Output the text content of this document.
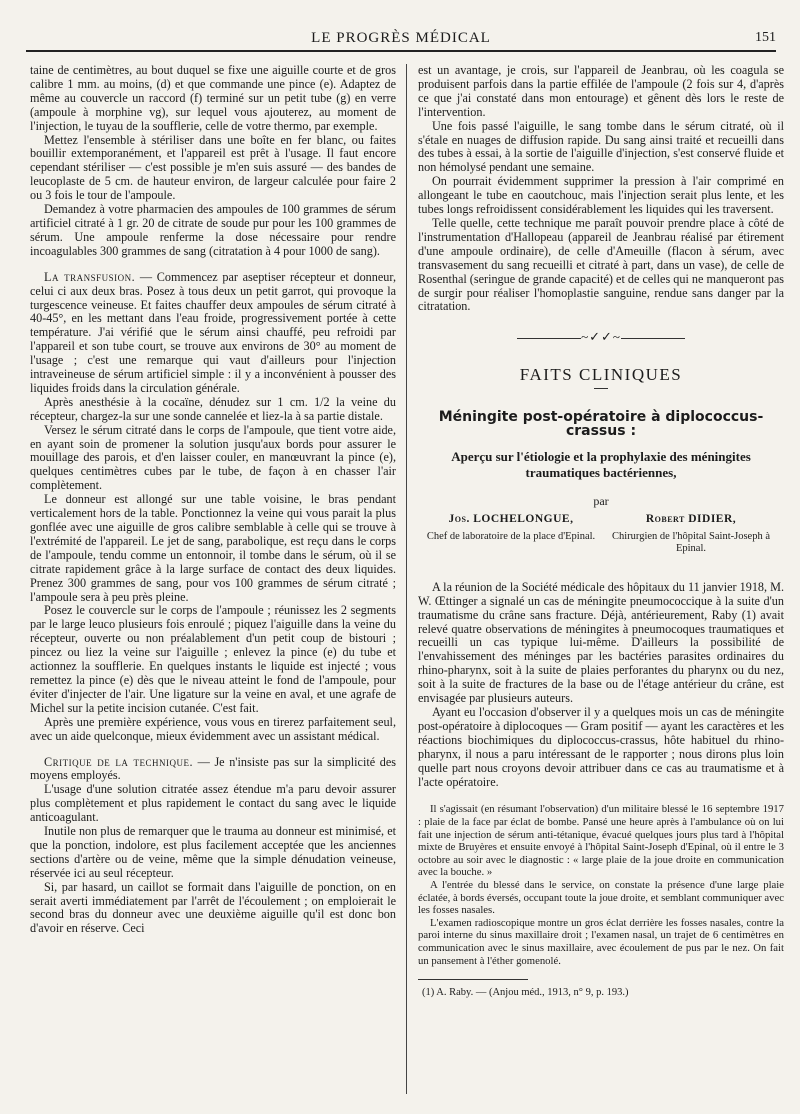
LE PROGRÈS MÉDICAL	151

taine de centimètres, au bout duquel se fixe une aiguille courte et de gros calibre 1 mm. au moins, (d) et que commande une pince (e). Adaptez de même au couvercle un raccord (f) terminé sur un petit tube (g) en verre (ampoule à morphine vg), sur lequel vous ajouterez, au moment de l'injection, le tuyau de la soufflerie, celle de votre thermo, par exemple.

Mettez l'ensemble à stériliser dans une boîte en fer blanc, ou faites bouillir extemporanément, et l'appareil est prêt à l'usage. Il faut encore cependant stériliser — c'est possible je m'en suis assuré — des bandes de leucoplaste de 5 cm. de hauteur environ, de largeur calculée pour faire 2 ou 3 fois le tour de l'ampoule.

Demandez à votre pharmacien des ampoules de 100 grammes de sérum artificiel citraté à 1 gr. 20 de citrate de soude pur pour les 100 grammes de sérum. Une ampoule renferme la dose nécessaire pour rendre incoagulables 300 grammes de sang (citratation à 4 pour 1000 de sang).

La transfusion. — Commencez par aseptiser récepteur et donneur, celui ci aux deux bras. Posez à tous deux un petit garrot, qui provoque la turgescence veineuse. Et faites chauffer deux ampoules de sérum citraté à 40-45°, en les mettant dans l'eau froide, progressivement portée à cette température. J'ai vérifié que le sérum ainsi chauffé, peu refroidi par l'appareil et son tube court, se trouve aux environs de 30° au moment de l'usage ; c'est une remarque qui vaut d'ailleurs pour l'injection intraveineuse de sérum artificiel simple : il y a inconvénient à pousser des liquides froids dans la circulation générale.

Après anesthésie à la cocaïne, dénudez sur 1 cm. 1/2 la veine du récepteur, chargez-la sur une sonde cannelée et liez-la à sa partie distale.

Versez le sérum citraté dans le corps de l'ampoule, que tient votre aide, en ayant soin de promener la solution jusqu'aux bords pour assurer le mouillage des parois, et d'en laisser couler, en manœuvrant la pince (e), quelques centimètres cubes par le tube, de façon à en chasser l'air complètement.

Le donneur est allongé sur une table voisine, le bras pendant verticalement hors de la table. Ponctionnez la veine qui vous parait la plus gonflée avec une aiguille de gros calibre semblable à celle qui se trouve à l'extrémité de l'appareil. Le jet de sang, parabolique, est reçu dans le corps de l'ampoule, tendu comme un entonnoir, il tombe dans le sérum, où il se citrate rapidement grâce à la large surface de contact des deux liquides. Prenez 300 grammes de sang, pour vos 100 grammes de sérum citraté ; l'ampoule sera à peu près pleine.

Posez le couvercle sur le corps de l'ampoule ; réunissez les 2 segments par le large leuco plusieurs fois enroulé ; piquez l'aiguille dans la veine du récepteur, ouverte ou non préalablement d'un petit coup de bistouri ; pincez ou liez la veine sur l'aiguille ; enlevez la pince (e) du tube et actionnez la soufflerie. En quelques instants le liquide est injecté ; vous remettez la pince (e) dès que le niveau atteint le fond de l'ampoule, pour éviter d'injecter de l'air. Une ligature sur la veine en aval, et une agrafe de Michel sur la petite incision cutanée. C'est fait.

Après une première expérience, vous vous en tirerez parfaitement seul, avec un aide quelconque, mieux évidemment avec un assistant médical.

Critique de la technique. — Je n'insiste pas sur la simplicité des moyens employés.

L'usage d'une solution citratée assez étendue m'a paru devoir assurer plus complètement et plus rapidement le contact du sang avec le liquide anticoagulant.

Inutile non plus de remarquer que le trauma au donneur est minimisé, et que la ponction, indolore, est plus facilement acceptée que les anciennes sections d'artère ou de veine, même que la simple dénudation veineuse, réservée ici au seul récepteur.

Si, par hasard, un caillot se formait dans l'aiguille de ponction, on en serait averti immédiatement par l'arrêt de l'écoulement ; on emploierait le second bras du donneur avec une deuxième aiguille qu'il est donc bon d'avoir en réserve. Ceci

est un avantage, je crois, sur l'appareil de Jeanbrau, où les coagula se produisent parfois dans la partie effilée de l'ampoule (2 fois sur 4, d'après ce que j'ai constaté dans mon entourage) et gênent dès lors le reste de l'intervention.

Une fois passé l'aiguille, le sang tombe dans le sérum citraté, où il s'étale en nuages de diffusion rapide. Du sang ainsi traité et recueilli dans des tubes à essai, à la sortie de l'aiguille d'injection, s'est conservé fluide et non hémolysé pendant une semaine.

On pourrait évidemment supprimer la pression à l'air comprimé en allongeant le tube en caoutchouc, mais l'injection serait plus lente, et les tubes longs refroidissent considérablement les liquides qui les traversent.

Telle quelle, cette technique me paraît pouvoir prendre place à côté de l'instrumentation d'Hallopeau (appareil de Jeanbrau réalisé par étirement d'une ampoule ordinaire), de celle d'Ameuille (flacon à sérum, avec transvasement du sang recueilli et citraté à part, dans un vase), de celle de Rosenthal (seringue de grande capacité) et de celles qui ne manqueront pas de surgir pour réaliser l'homoplastie sanguine, rendue sans danger par la citratation.

~✓✓~
FAITS CLINIQUES
Méningite post-opératoire à diplococcus-crassus :
Aperçu sur l'étiologie et la prophylaxie des méningites traumatiques bactériennes,
par
Jos. LOCHELONGUE,
Chef de laboratoire de la place d'Epinal.
Robert DIDIER,
Chirurgien de l'hôpital Saint-Joseph à Epinal.

A la réunion de la Société médicale des hôpitaux du 11 janvier 1918, M. W. Œttinger a signalé un cas de méningite pneumococcique à la suite d'un traumatisme du crâne sans fracture. Déjà, antérieurement, Raby (1) avait relevé quatre observations de méningites à pneumocoques traumatiques et recueilli un cas typique lui-même. D'ailleurs la possibilité de l'envahissement des méninges par les bactéries parasites ordinaires du rhino-pharynx, soit à la suite de plaies perforantes du pharynx ou du nez, soit à la suite de fractures de la base ou de l'étage antérieur du crâne, est envisagée par plusieurs auteurs.

Ayant eu l'occasion d'observer il y a quelques mois un cas de méningite post-opératoire à diplocoques — Gram positif — ayant les caractères et les réactions biochimiques du diplococcus-crassus, hôte habituel du rhino-pharynx, il nous a paru intéressant de le rapporter ; nous dirons plus loin quelle part nous croyons devoir attribuer dans ce cas au traumatisme et à l'acte opératoire.

Il s'agissait (en résumant l'observation) d'un militaire blessé le 16 septembre 1917 : plaie de la face par éclat de bombe. Pansé une heure après à l'ambulance où on lui fait une injection de sérum anti-tétanique, évacué quelques jours plus tard à l'hôpital mixte de Bruyères et ensuite envoyé à l'hôpital Saint-Joseph d'Epinal, où il entre le 3 octobre au soir avec le diagnostic : « large plaie de la joue droite en communication avec la bouche. »

A l'entrée du blessé dans le service, on constate la présence d'une large plaie éclatée, à bords éversés, occupant toute la joue droite, et semblant communiquer avec les fosses nasales.

L'examen radioscopique montre un gros éclat derrière les fosses nasales, contre la paroi interne du sinus maxillaire droit ; l'examen nasal, un trajet de 6 centimètres en communication avec le sinus maxillaire, avec écoulement de pus par le nez. On fait un pansement à l'éther gomenolé.

(1) A. Raby. — (Anjou méd., 1913, n° 9, p. 193.)
